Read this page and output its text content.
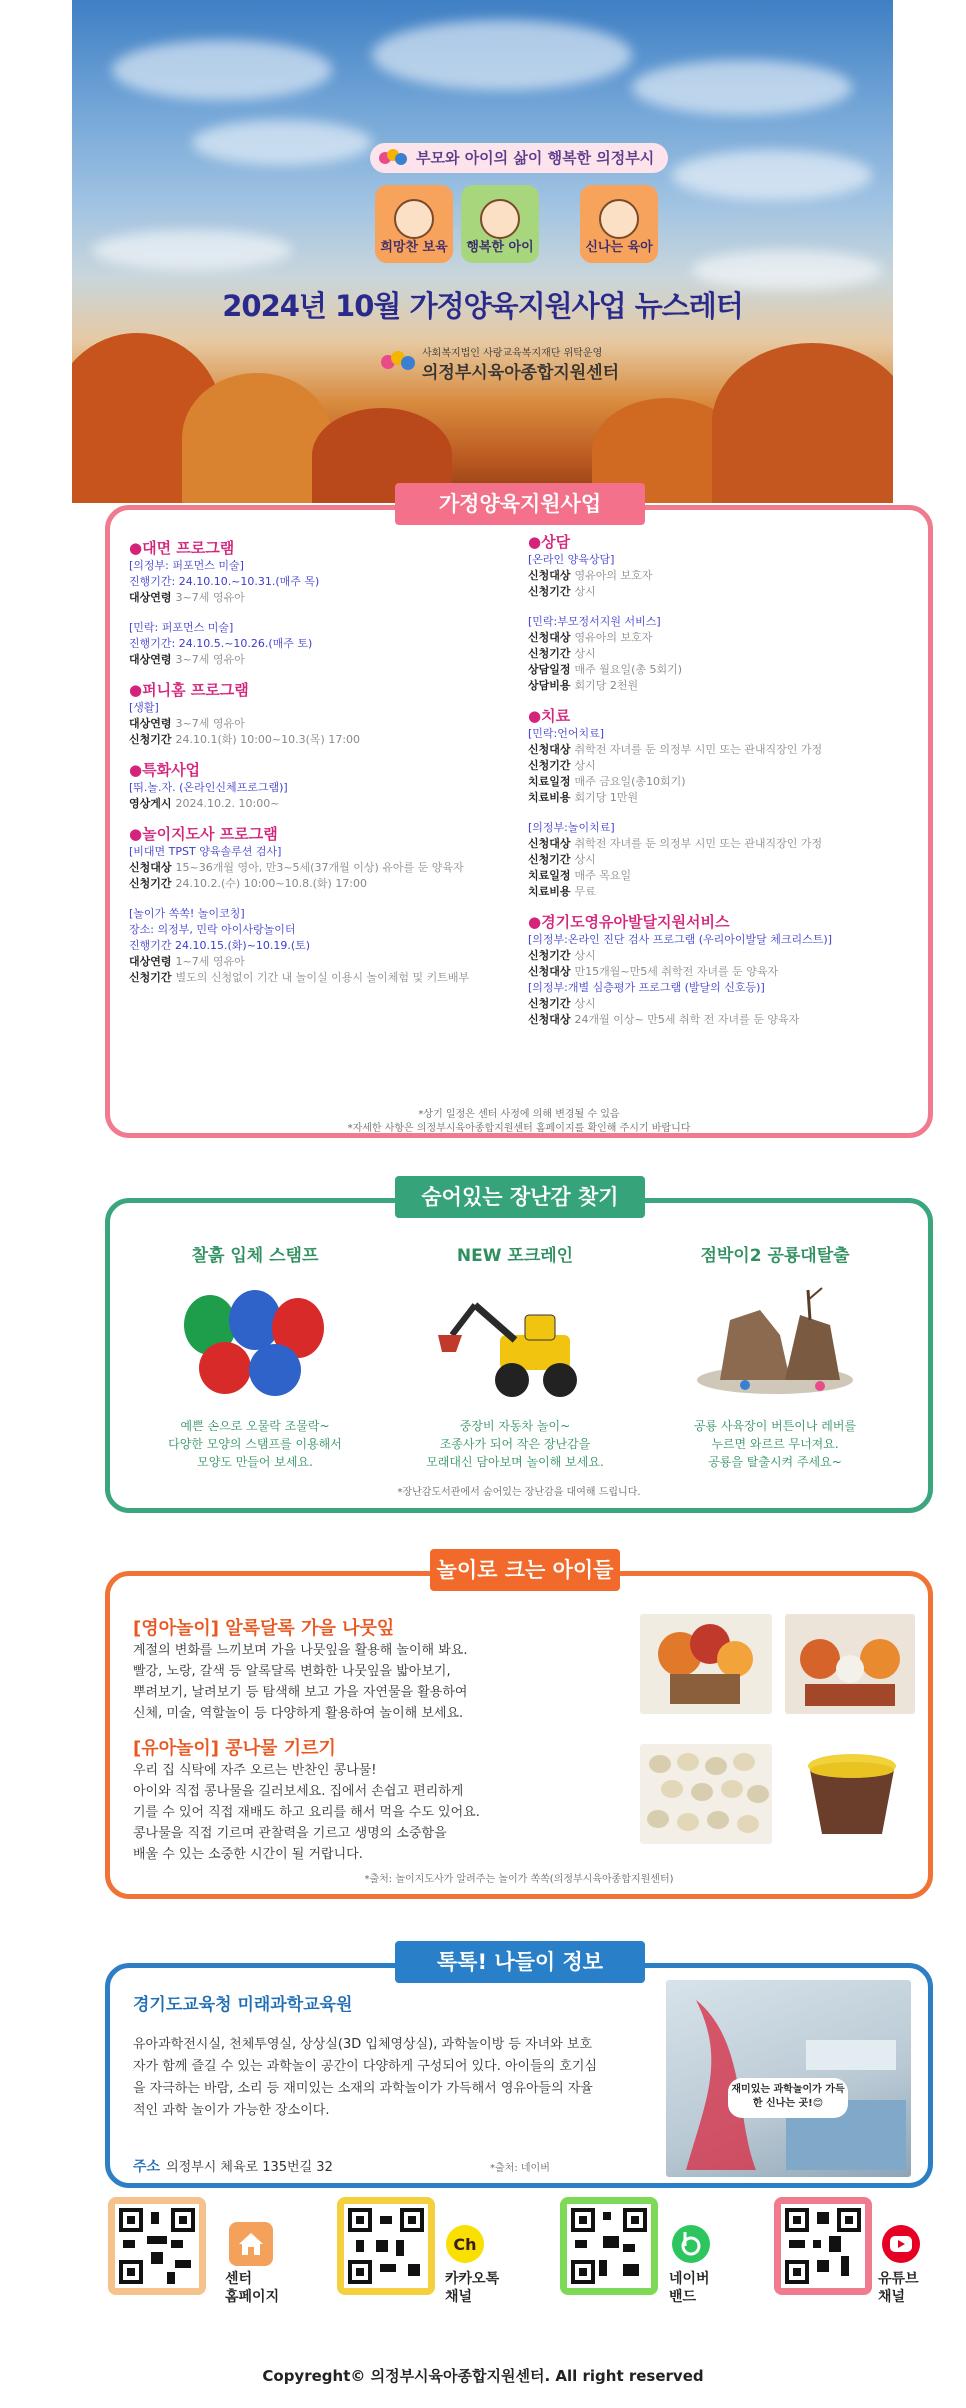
부모와 아이의 삶이 행복한 의정부시
희망찬 보육	행복한 아이	신나는 육아
2024년 10월 가정양육지원사업 뉴스레터
사회복지법인 사랑교육복지재단 위탁운영
의정부시육아종합지원센터
가정양육지원사업
●대면 프로그램
[의정부: 퍼포먼스 미술]
진행기간: 24.10.10.~10.31.(매주 목)
대상연령 3~7세 영유아
[민락: 퍼포먼스 미술]
진행기간: 24.10.5.~10.26.(매주 토)
대상연령 3~7세 영유아
●퍼니홈 프로그램
[생활]
대상연령 3~7세 영유아
신청기간 24.10.1(화) 10:00~10.3(목) 17:00
●특화사업
[뛰.놀.자. (온라인신체프로그램)]
영상게시 2024.10.2. 10:00~
●놀이지도사 프로그램
[비대면 TPST 양육솔루션 검사]
신청대상 15~36개월 영아, 만3~5세(37개월 이상) 유아를 둔 양육자
신청기간 24.10.2.(수) 10:00~10.8.(화) 17:00
[놀이가 쏙쏙! 놀이코칭]
장소: 의정부, 민락 아이사랑놀이터
진행기간 24.10.15.(화)~10.19.(토)
대상연령 1~7세 영유아
신청기간 별도의 신청없이 기간 내 놀이실 이용시 놀이체험 및 키트배부
●상담
[온라인 양육상담]
신청대상 영유아의 보호자
신청기간 상시
[민락:부모정서지원 서비스]
신청대상 영유아의 보호자
신청기간 상시
상담일정 매주 월요일(총 5회기)
상담비용 회기당 2천원
●치료
[민락:언어치료]
신청대상 취학전 자녀를 둔 의정부 시민 또는 관내직장인 가정
신청기간 상시
치료일정 매주 금요일(총10회기)
치료비용 회기당 1만원
[의정부:놀이치료]
신청대상 취학전 자녀를 둔 의정부 시민 또는 관내직장인 가정
신청기간 상시
치료일정 매주 목요일
치료비용 무료
●경기도영유아발달지원서비스
[의정부:온라인 진단 검사 프로그램 (우리아이발달 체크리스트)]
신청기간 상시
신청대상 만15개월~만5세 취학전 자녀를 둔 양육자
[의정부:개별 심층평가 프로그램 (발달의 신호등)]
신청기간 상시
신청대상 24개월 이상~ 만5세 취학 전 자녀를 둔 양육자
*상기 일정은 센터 사정에 의해 변경될 수 있음
*자세한 사항은 의정부시육아종합지원센터 홈페이지를 확인해 주시기 바랍니다
숨어있는 장난감 찾기
찰흙 입체 스탬프
예쁜 손으로 오물락 조물락~
다양한 모양의 스탬프를 이용해서
모양도 만들어 보세요.
NEW 포크레인
중장비 자동차 놀이~
조종사가 되어 작은 장난감을
모래대신 담아보며 놀이해 보세요.
점박이2 공룡대탈출
공룡 사육장이 버튼이나 레버를
누르면 와르르 무너져요.
공룡을 탈출시켜 주세요~
*장난감도서관에서 숨어있는 장난감을 대여해 드립니다.
놀이로 크는 아이들
[영아놀이] 알록달록 가을 나뭇잎
계절의 변화를 느끼보며 가을 나뭇잎을 활용해 놀이해 봐요.
빨강, 노랑, 갈색 등 알록달록 변화한 나뭇잎을 밟아보기,
뿌려보기, 날려보기 등 탐색해 보고 가을 자연물을 활용하여
신체, 미술, 역할놀이 등 다양하게 활용하여 놀이해 보세요.
[유아놀이] 콩나물 기르기
우리 집 식탁에 자주 오르는 반찬인 콩나물!
아이와 직접 콩나물을 길러보세요. 집에서 손쉽고 편리하게
기를 수 있어 직접 재배도 하고 요리를 해서 먹을 수도 있어요.
콩나물을 직접 기르며 관찰력을 기르고 생명의 소중함을
배울 수 있는 소중한 시간이 될 거랍니다.
*출처: 놀이지도사가 알려주는 놀이가 쏙쏙(의정부시육아종합지원센터)
톡톡! 나들이 정보
경기도교육청 미래과학교육원
유아과학전시실, 천체투영실, 상상실(3D 입체영상실), 과학놀이방 등 자녀와 보호자가 함께 즐길 수 있는 과학놀이 공간이 다양하게 구성되어 있다. 아이들의 호기심을 자극하는 바람, 소리 등 재미있는 소재의 과학놀이가 가득해서 영유아들의 자율적인 과학 놀이가 가능한 장소이다.
주소 의정부시 체육로 135번길 32	*출처: 네이버
재미있는 과학놀이가 가득한 신나는 곳!😊
센터
홈페이지
Ch
카카오톡
채널
네이버
밴드
유튜브
채널
Copyreght© 의정부시육아종합지원센터. All right reserved
